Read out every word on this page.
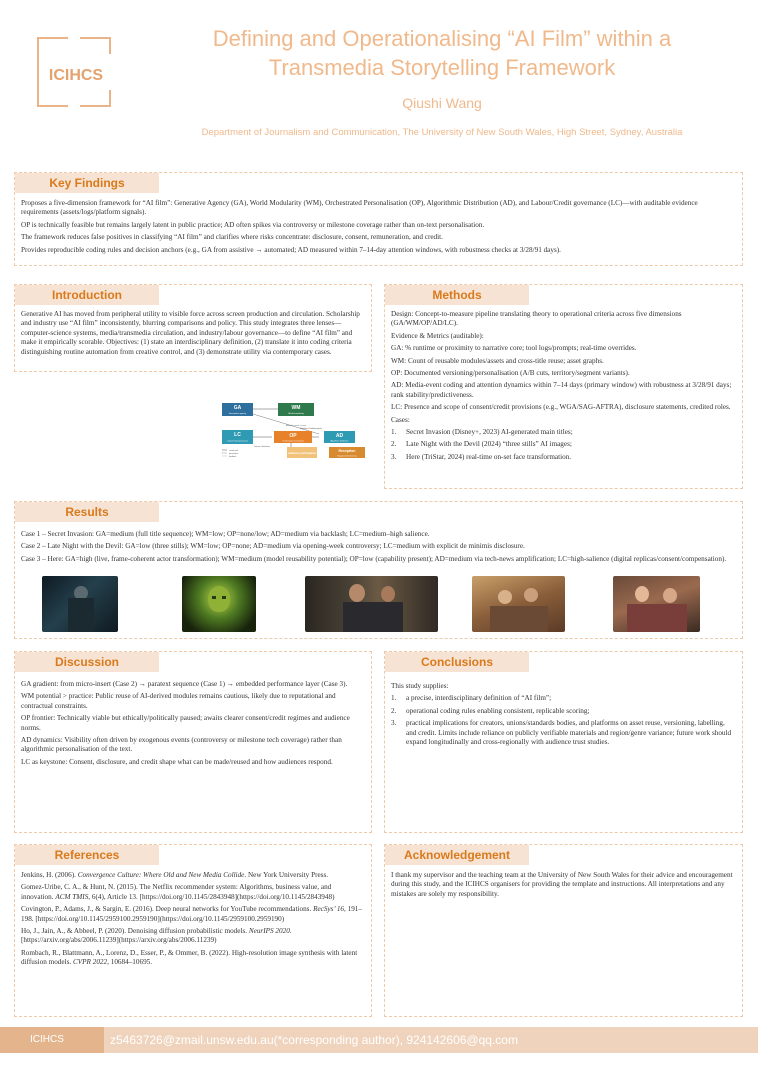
ICIHCS
Defining and Operationalising “AI Film” within a
Transmedia Storytelling Framework
Qiushi Wang
Department of Journalism and Communication, The University of New South Wales, High Street, Sydney, Australia
Key Findings

Proposes a five-dimension framework for “AI film”: Generative Agency (GA), World Modularity (WM), Orchestrated Personalisation (OP), Algorithmic Distribution (AD), and Labour/Credit governance (LC)—with auditable evidence requirements (assets/logs/platform signals).

OP is technically feasible but remains largely latent in public practice; AD often spikes via controversy or milestone coverage rather than on-text personalisation.

The framework reduces false positives in classifying “AI film” and clarifies where risks concentrate: disclosure, consent, remuneration, and credit.

Provides reproducible coding rules and decision anchors (e.g., GA from assistive → automated; AD measured within 7–14-day attention windows, with robustness checks at 3/28/91 days).

Introduction

Generative AI has moved from peripheral utility to visible force across screen production and circulation. Scholarship and industry use “AI film” inconsistently, blurring comparisons and policy. This study integrates three lenses—computer-science systems, media/transmedia circulation, and industry/labour governance—to define “AI film” and make it empirically scorable. Objectives: (1) state an interdisciplinary definition, (2) translate it into coding criteria distinguishing routine automation from creative control, and (3) demonstrate utility via contemporary cases.

GA
Generative agency
WM
World modularity
Modular assets / reuse
LC
Labour/credit governance
OP
Orchestrated personalisation
AD
Algorithmic distribution
Eligibility & Visibility signals
Consent / disclosure
Audience participation
Reception
Engagement/Controversy
causal path
governance
feedback
Methods

Design: Concept-to-measure pipeline translating theory to operational criteria across five dimensions (GA/WM/OP/AD/LC).

Evidence & Metrics (auditable):

GA: % runtime or proximity to narrative core; tool logs/prompts; real-time overrides.

WM: Count of reusable modules/assets and cross-title reuse; asset graphs.

OP: Documented versioning/personalisation (A/B cuts, territory/segment variants).

AD: Media-event coding and attention dynamics within 7–14 days (primary window) with robustness at 3/28/91 days; rank stability/predictiveness.

LC: Presence and scope of consent/credit provisions (e.g., WGA/SAG-AFTRA), disclosure statements, credited roles.

Cases:

1. Secret Invasion (Disney+, 2023) AI-generated main titles;
2. Late Night with the Devil (2024) “three stills” AI images;
3. Here (TriStar, 2024) real-time on-set face transformation.
Results

Case 1 – Secret Invasion: GA=medium (full title sequence); WM=low; OP=none/low; AD=medium via backlash; LC=medium–high salience.

Case 2 – Late Night with the Devil: GA=low (three stills); WM=low; OP=none; AD=medium via opening-week controversy; LC=medium with explicit de minimis disclosure.

Case 3 – Here: GA=high (live, frame-coherent actor transformation); WM=medium (model reusability potential); OP=low (capability present); AD=medium via tech-news amplification; LC=high-salience (digital replicas/consent/compensation).

Discussion

GA gradient: from micro-insert (Case 2) → paratext sequence (Case 1) → embedded performance layer (Case 3).

WM potential > practice: Public reuse of AI-derived modules remains cautious, likely due to reputational and contractual constraints.

OP frontier: Technically viable but ethically/politically paused; awaits clearer consent/credit regimes and audience norms.

AD dynamics: Visibility often driven by exogenous events (controversy or milestone tech coverage) rather than algorithmic personalisation of the text.

LC as keystone: Consent, disclosure, and credit shape what can be made/reused and how audiences respond.

Conclusions

This study supplies:

1. a precise, interdisciplinary definition of “AI film”;
2. operational coding rules enabling consistent, replicable scoring;
3. practical implications for creators, unions/standards bodies, and platforms on asset reuse, versioning, labelling, and credit. Limits include reliance on publicly verifiable materials and region/genre variance; future work should expand longitudinally and cross-regionally with audience trust studies.
References

Jenkins, H. (2006). Convergence Culture: Where Old and New Media Collide. New York University Press.

Gomez-Uribe, C. A., & Hunt, N. (2015). The Netflix recommender system: Algorithms, business value, and innovation. ACM TMIS, 6(4), Article 13. [https://doi.org/10.1145/2843948](https://doi.org/10.1145/2843948)

Covington, P., Adams, J., & Sargin, E. (2016). Deep neural networks for YouTube recommendations. RecSys’ 16, 191–198. [https://doi.org/10.1145/2959100.2959190](https://doi.org/10.1145/2959100.2959190)

Ho, J., Jain, A., & Abbeel, P. (2020). Denoising diffusion probabilistic models. NeurIPS 2020. [https://arxiv.org/abs/2006.11239](https://arxiv.org/abs/2006.11239)

Rombach, R., Blattmann, A., Lorenz, D., Esser, P., & Ommer, B. (2022). High-resolution image synthesis with latent diffusion models. CVPR 2022, 10684–10695.

Acknowledgement

I thank my supervisor and the teaching team at the University of New South Wales for their advice and encouragement during this study, and the ICIHCS organisers for providing the template and instructions. All interpretations and any mistakes are solely my responsibility.

ICIHCS	z5463726@zmail.unsw.edu.au(*corresponding author), 924142606@qq.com
